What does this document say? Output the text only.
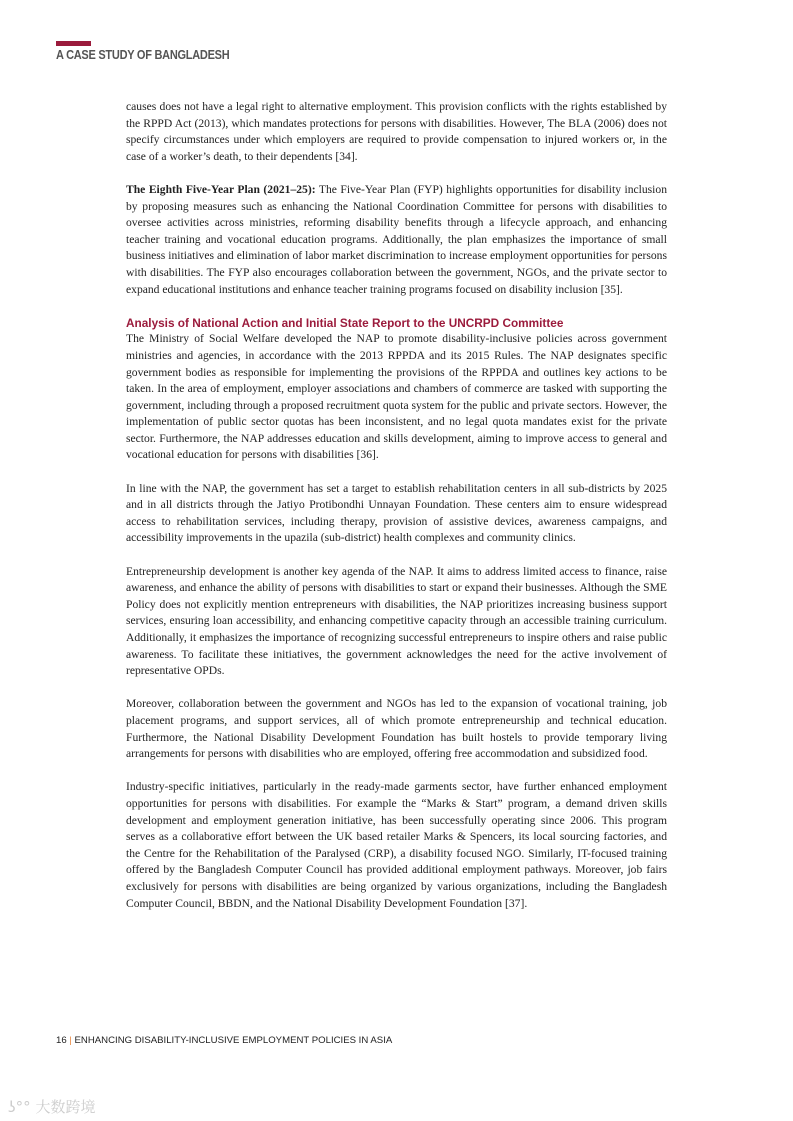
A CASE STUDY OF BANGLADESH

causes does not have a legal right to alternative employment. This provision conflicts with the rights established by the RPPD Act (2013), which mandates protections for persons with disabilities. However, The BLA (2006) does not specify circumstances under which employers are required to provide compensation to injured workers or, in the case of a worker’s death, to their dependents [34].

The Eighth Five-Year Plan (2021–25): The Five-Year Plan (FYP) highlights opportunities for disability inclusion by proposing measures such as enhancing the National Coordination Committee for persons with disabilities to oversee activities across ministries, reforming disability benefits through a lifecycle approach, and enhancing teacher training and vocational education programs. Additionally, the plan emphasizes the importance of small business initiatives and elimination of labor market discrimination to increase employment opportunities for persons with disabilities. The FYP also encourages collaboration between the government, NGOs, and the private sector to expand educational institutions and enhance teacher training programs focused on disability inclusion [35].

Analysis of National Action and Initial State Report to the UNCRPD Committee

The Ministry of Social Welfare developed the NAP to promote disability-inclusive policies across government ministries and agencies, in accordance with the 2013 RPPDA and its 2015 Rules. The NAP designates specific government bodies as responsible for implementing the provisions of the RPPDA and outlines key actions to be taken. In the area of employment, employer associations and chambers of commerce are tasked with supporting the government, including through a proposed recruitment quota system for the public and private sectors. However, the implementation of public sector quotas has been inconsistent, and no legal quota mandates exist for the private sector. Furthermore, the NAP addresses education and skills development, aiming to improve access to general and vocational education for persons with disabilities [36].

In line with the NAP, the government has set a target to establish rehabilitation centers in all sub-districts by 2025 and in all districts through the Jatiyo Protibondhi Unnayan Foundation. These centers aim to ensure widespread access to rehabilitation services, including therapy, provision of assistive devices, awareness campaigns, and accessibility improvements in the upazila (sub-district) health complexes and community clinics.

Entrepreneurship development is another key agenda of the NAP. It aims to address limited access to finance, raise awareness, and enhance the ability of persons with disabilities to start or expand their businesses. Although the SME Policy does not explicitly mention entrepreneurs with disabilities, the NAP prioritizes increasing business support services, ensuring loan accessibility, and enhancing competitive capacity through an accessible training curriculum. Additionally, it emphasizes the importance of recognizing successful entrepreneurs to inspire others and raise public awareness. To facilitate these initiatives, the government acknowledges the need for the active involvement of representative OPDs.

Moreover, collaboration between the government and NGOs has led to the expansion of vocational training, job placement programs, and support services, all of which promote entrepreneurship and technical education. Furthermore, the National Disability Development Foundation has built hostels to provide temporary living arrangements for persons with disabilities who are employed, offering free accommodation and subsidized food.

Industry-specific initiatives, particularly in the ready-made garments sector, have further enhanced employment opportunities for persons with disabilities. For example the “Marks & Start” program, a demand driven skills development and employment generation initiative, has been successfully operating since 2006. This program serves as a collaborative effort between the UK based retailer Marks & Spencers, its local sourcing factories, and the Centre for the Rehabilitation of the Paralysed (CRP), a disability focused NGO. Similarly, IT-focused training offered by the Bangladesh Computer Council has provided additional employment pathways. Moreover, job fairs exclusively for persons with disabilities are being organized by various organizations, including the Bangladesh Computer Council, BBDN, and the National Disability Development Foundation [37].

16 | ENHANCING DISABILITY-INCLUSIVE EMPLOYMENT POLICIES IN ASIA
ʖ°° 大数跨境
